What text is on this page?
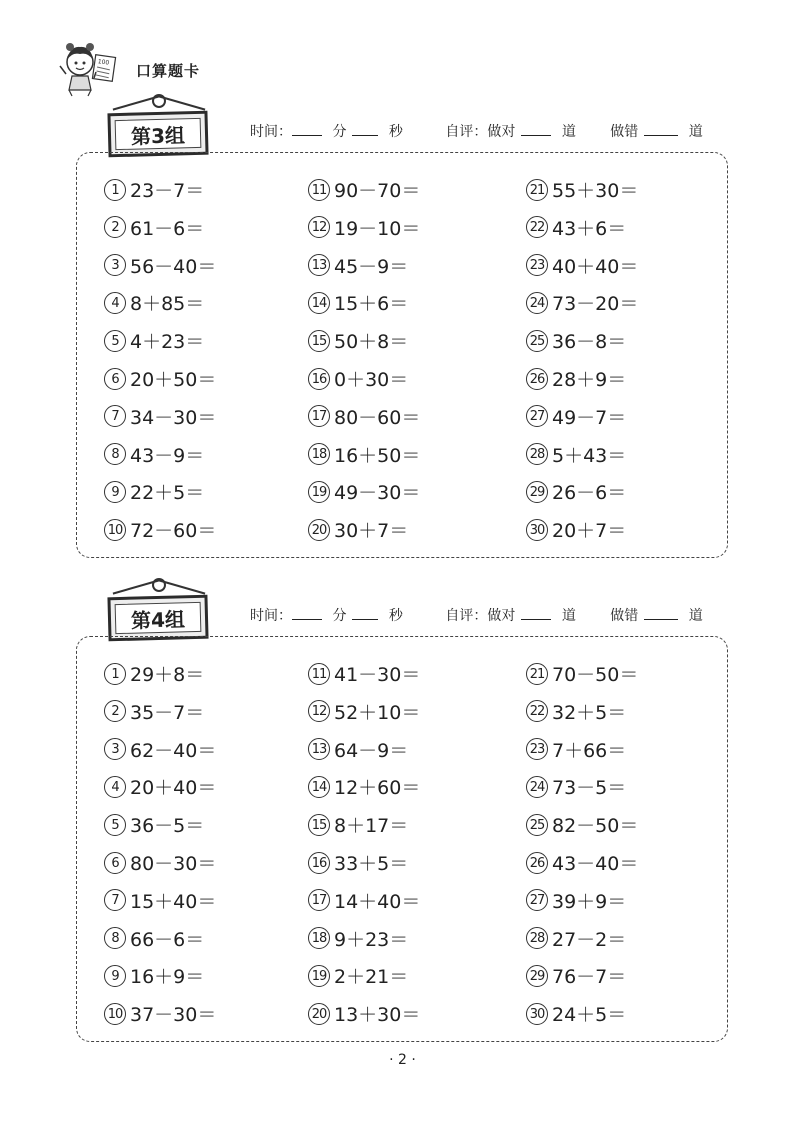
100 口算题卡
第3组	时间：	分	秒	自评：做对	道 做错	道
1 23－7＝
2 61－6＝
3 56－40＝
4 8＋85＝
5 4＋23＝
6 20＋50＝
7 34－30＝
8 43－9＝
9 22＋5＝
10 72－60＝
11 90－70＝
12 19－10＝
13 45－9＝
14 15＋6＝
15 50＋8＝
16 0＋30＝
17 80－60＝
18 16＋50＝
19 49－30＝
20 30＋7＝
21 55＋30＝
22 43＋6＝
23 40＋40＝
24 73－20＝
25 36－8＝
26 28＋9＝
27 49－7＝
28 5＋43＝
29 26－6＝
30 20＋7＝
第4组	时间：	分	秒	自评：做对	道 做错	道
1 29＋8＝
2 35－7＝
3 62－40＝
4 20＋40＝
5 36－5＝
6 80－30＝
7 15＋40＝
8 66－6＝
9 16＋9＝
10 37－30＝
11 41－30＝
12 52＋10＝
13 64－9＝
14 12＋60＝
15 8＋17＝
16 33＋5＝
17 14＋40＝
18 9＋23＝
19 2＋21＝
20 13＋30＝
21 70－50＝
22 32＋5＝
23 7＋66＝
24 73－5＝
25 82－50＝
26 43－40＝
27 39＋9＝
28 27－2＝
29 76－7＝
30 24＋5＝
· 2 ·
